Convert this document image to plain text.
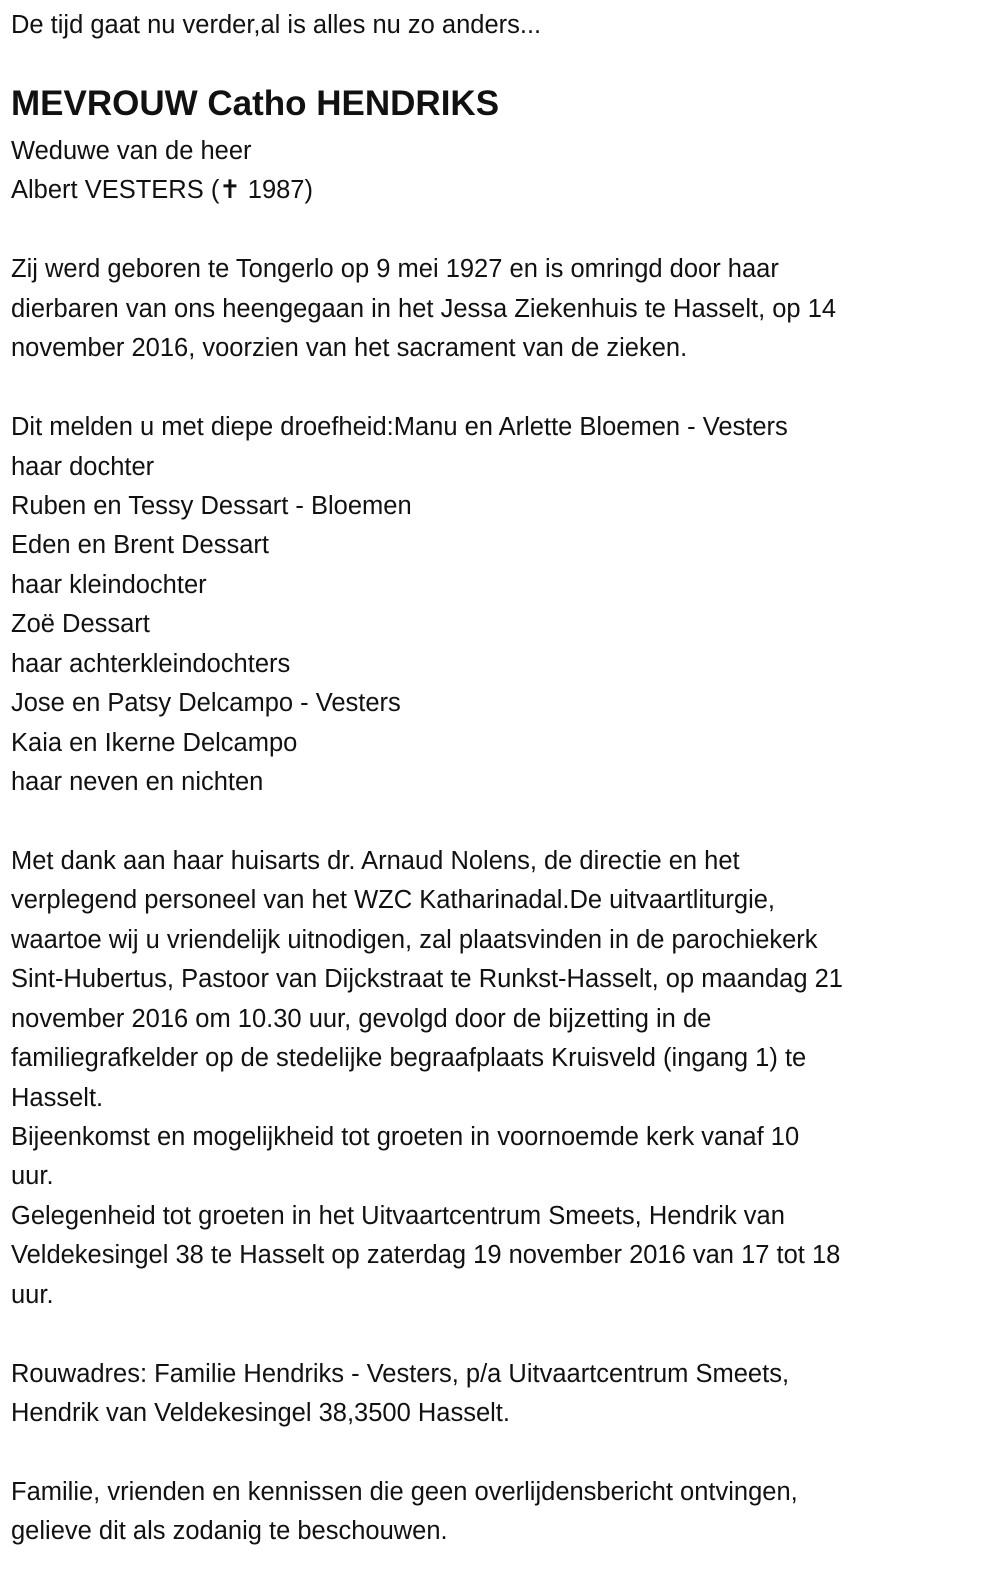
De tijd gaat nu verder,al is alles nu zo anders...
MEVROUW Catho HENDRIKS
Weduwe van de heer
Albert VESTERS (✝ 1987)
Zij werd geboren te Tongerlo op 9 mei 1927 en is omringd door haar
dierbaren van ons heengegaan in het Jessa Ziekenhuis te Hasselt, op 14
november 2016, voorzien van het sacrament van de zieken.
Dit melden u met diepe droefheid:Manu en Arlette Bloemen - Vesters
haar dochter
Ruben en Tessy Dessart - Bloemen
Eden en Brent Dessart
haar kleindochter
Zoë Dessart
haar achterkleindochters
Jose en Patsy Delcampo - Vesters
Kaia en Ikerne Delcampo
haar neven en nichten
Met dank aan haar huisarts dr. Arnaud Nolens, de directie en het
verplegend personeel van het WZC Katharinadal.De uitvaartliturgie,
waartoe wij u vriendelijk uitnodigen, zal plaatsvinden in de parochiekerk
Sint-Hubertus, Pastoor van Dijckstraat te Runkst-Hasselt, op maandag 21
november 2016 om 10.30 uur, gevolgd door de bijzetting in de
familiegrafkelder op de stedelijke begraafplaats Kruisveld (ingang 1) te
Hasselt.
Bijeenkomst en mogelijkheid tot groeten in voornoemde kerk vanaf 10
uur.
Gelegenheid tot groeten in het Uitvaartcentrum Smeets, Hendrik van
Veldekesingel 38 te Hasselt op zaterdag 19 november 2016 van 17 tot 18
uur.
Rouwadres: Familie Hendriks - Vesters, p/a Uitvaartcentrum Smeets,
Hendrik van Veldekesingel 38,3500 Hasselt.
Familie, vrienden en kennissen die geen overlijdensbericht ontvingen,
gelieve dit als zodanig te beschouwen.
